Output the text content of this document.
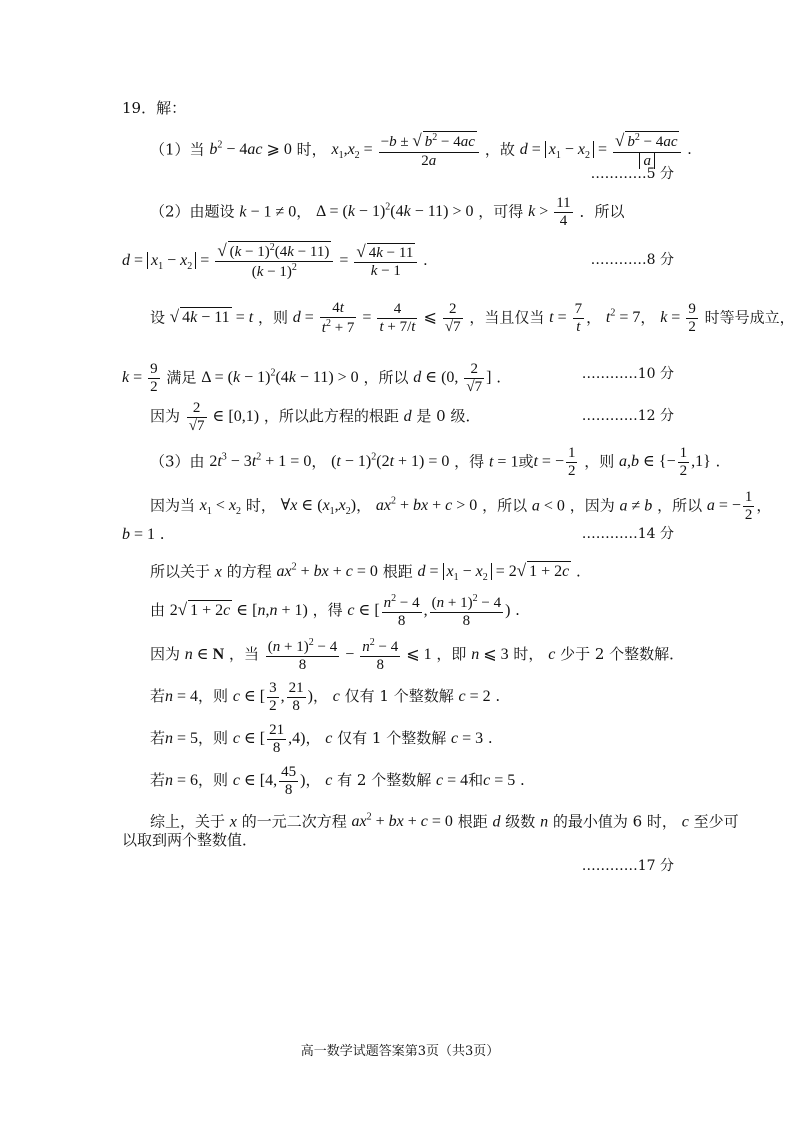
19．解：
（1）当 $b^2 - 4ac$ ⩾ 0 时， $x_1,x_2 = \frac{-b \pm √ b^2 - 4ac}{2a}$ ，故 $d = x_1 - x_2 = \frac{√ b^2 - 4ac}{a}$ .
…………5 分
（2）由题设 k − 1 ≠ 0， $\Delta = (k - 1)^2(4k - 11) > 0$ ，可得 $k > \frac{11}{4}$ ．所以
$d = x_1 - x_2 = \frac{√ (k - 1)^2(4k - 11)}{(k - 1)^2} = \frac{√ 4k - 11}{k - 1}$ .	…………8 分
设 √ 4k − 11 = t ，则 $d = \frac{4t}{t^2 + 7} = \frac{4}{t + 7/t}$ ⩽ $\frac{2}{√7}$ ，当且仅当 $t = \frac{7}{t}$ ， $t^2 = 7$， $k = \frac{9}{2}$ 时等号成立，
$k = \frac{9}{2}$ 满足 $\Delta = (k - 1)^2(4k - 11) > 0$ ，所以 d ∈ (0, $\frac{2}{√7}$ ] .	…………10 分
因为 $\frac{2}{√7}$ ∈ [0,1) ，所以此方程的根距 d 是 0 级．	…………12 分
（3）由 $2t^3 - 3t^2 + 1 = 0$， $(t - 1)^2(2t + 1) = 0$ ，得 t = 1或t = − $\frac{1}{2}$ ，则 a,b ∈ {− $\frac{1}{2} ,1$} .
因为当 $x_1 < x_2$ 时， ∀x ∈ $(x_1,x_2)$， $ax^2$ + bx + c > 0 ，所以 a < 0 ，因为 a ≠ b ，所以 a = − $\frac{1}{2}$ ，
b = 1 .	…………14 分
所以关于 x 的方程 $ax^2$ + bx + c = 0 根距 $d = x_1 - x_2 = 2√$ 1 + 2c .
由 2√ 1 + 2c ∈ [n,n + 1) ，得 c ∈ [ $\frac{n^2 - 4}{8}$ , $\frac{(n + 1)^2 - 4}{8}$ ) .
因为 n ∈ N ，当 $\frac{(n + 1)^2 - 4}{8} - \frac{n^2 - 4}{8}$ ⩽ 1 ，即 n ⩽ 3 时， c 少于 2 个整数解．
若n = 4，则 c ∈ [ $\frac{3}{2}$ , $\frac{21}{8}$ )， c 仅有 1 个整数解 c = 2 .
若n = 5，则 c ∈ [ $\frac{21}{8} ,4$)， c 仅有 1 个整数解 c = 3 .
若n = 6，则 c ∈ [4, $\frac{45}{8}$ )， c 有 2 个整数解 c = 4和c = 5 .
综上，关于 x 的一元二次方程 $ax^2$ + bx + c = 0 根距 d 级数 n 的最小值为 6 时， c 至少可
以取到两个整数值．
…………17 分
高一数学试题答案第3页（共3页）
